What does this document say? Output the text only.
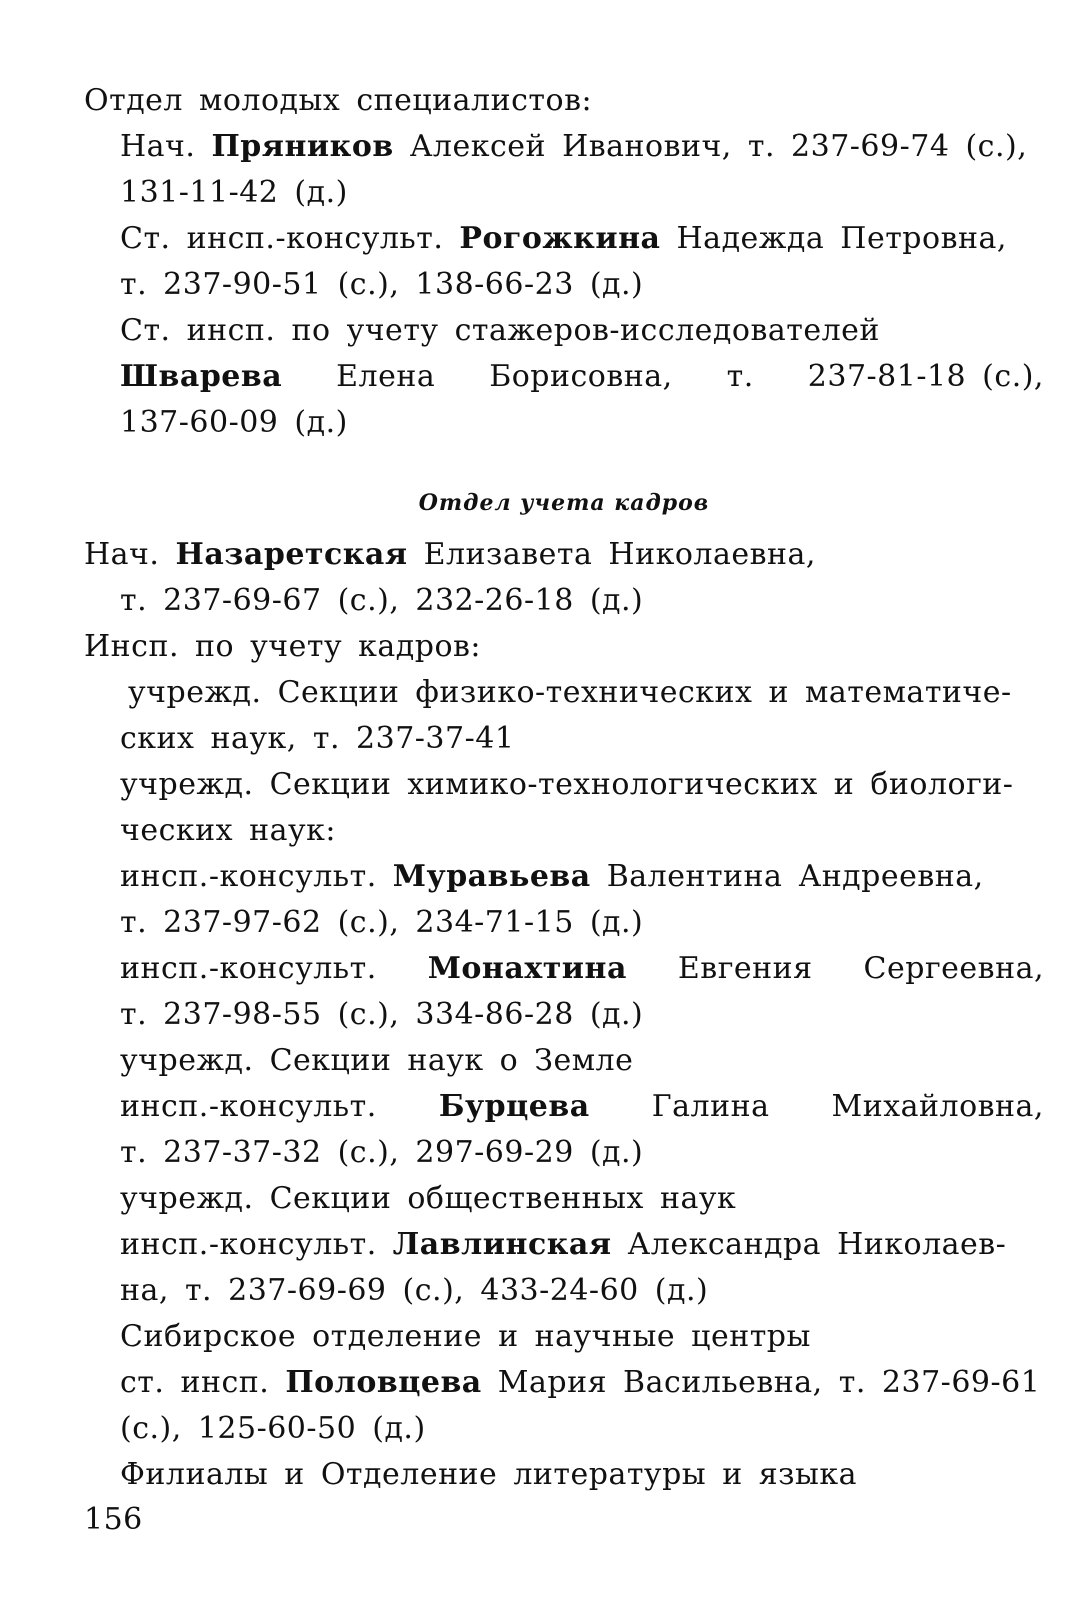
Отдел молодых специалистов:
Нач. Пряников Алексей Иванович, т. 237-69-74 (с.),
131-11-42 (д.)
Ст. инсп.-консульт. Рогожкина Надежда Петровна,
т. 237-90-51 (с.), 138-66-23 (д.)
Ст. инсп. по учету стажеров-исследователей
Шварева Елена Борисовна, т. 237-81-18 (с.),
137-60-09 (д.)
Отдел учета кадров
Нач. Назаретская Елизавета Николаевна,
т. 237-69-67 (с.), 232-26-18 (д.)
Инсп. по учету кадров:
учрежд. Секции физико-технических и математиче-
ских наук, т. 237-37-41
учрежд. Секции химико-технологических и биологи-
ческих наук:
инсп.-консульт. Муравьева Валентина Андреевна,
т. 237-97-62 (с.), 234-71-15 (д.)
инсп.-консульт. Монахтина Евгения Сергеевна,
т. 237-98-55 (с.), 334-86-28 (д.)
учрежд. Секции наук о Земле
инсп.-консульт. Бурцева Галина Михайловна,
т. 237-37-32 (с.), 297-69-29 (д.)
учрежд. Секции общественных наук
инсп.-консульт. Лавлинская Александра Николаев-
на, т. 237-69-69 (с.), 433-24-60 (д.)
Сибирское отделение и научные центры
ст. инсп. Половцева Мария Васильевна, т. 237-69-61
(с.), 125-60-50 (д.)
Филиалы и Отделение литературы и языка
156
